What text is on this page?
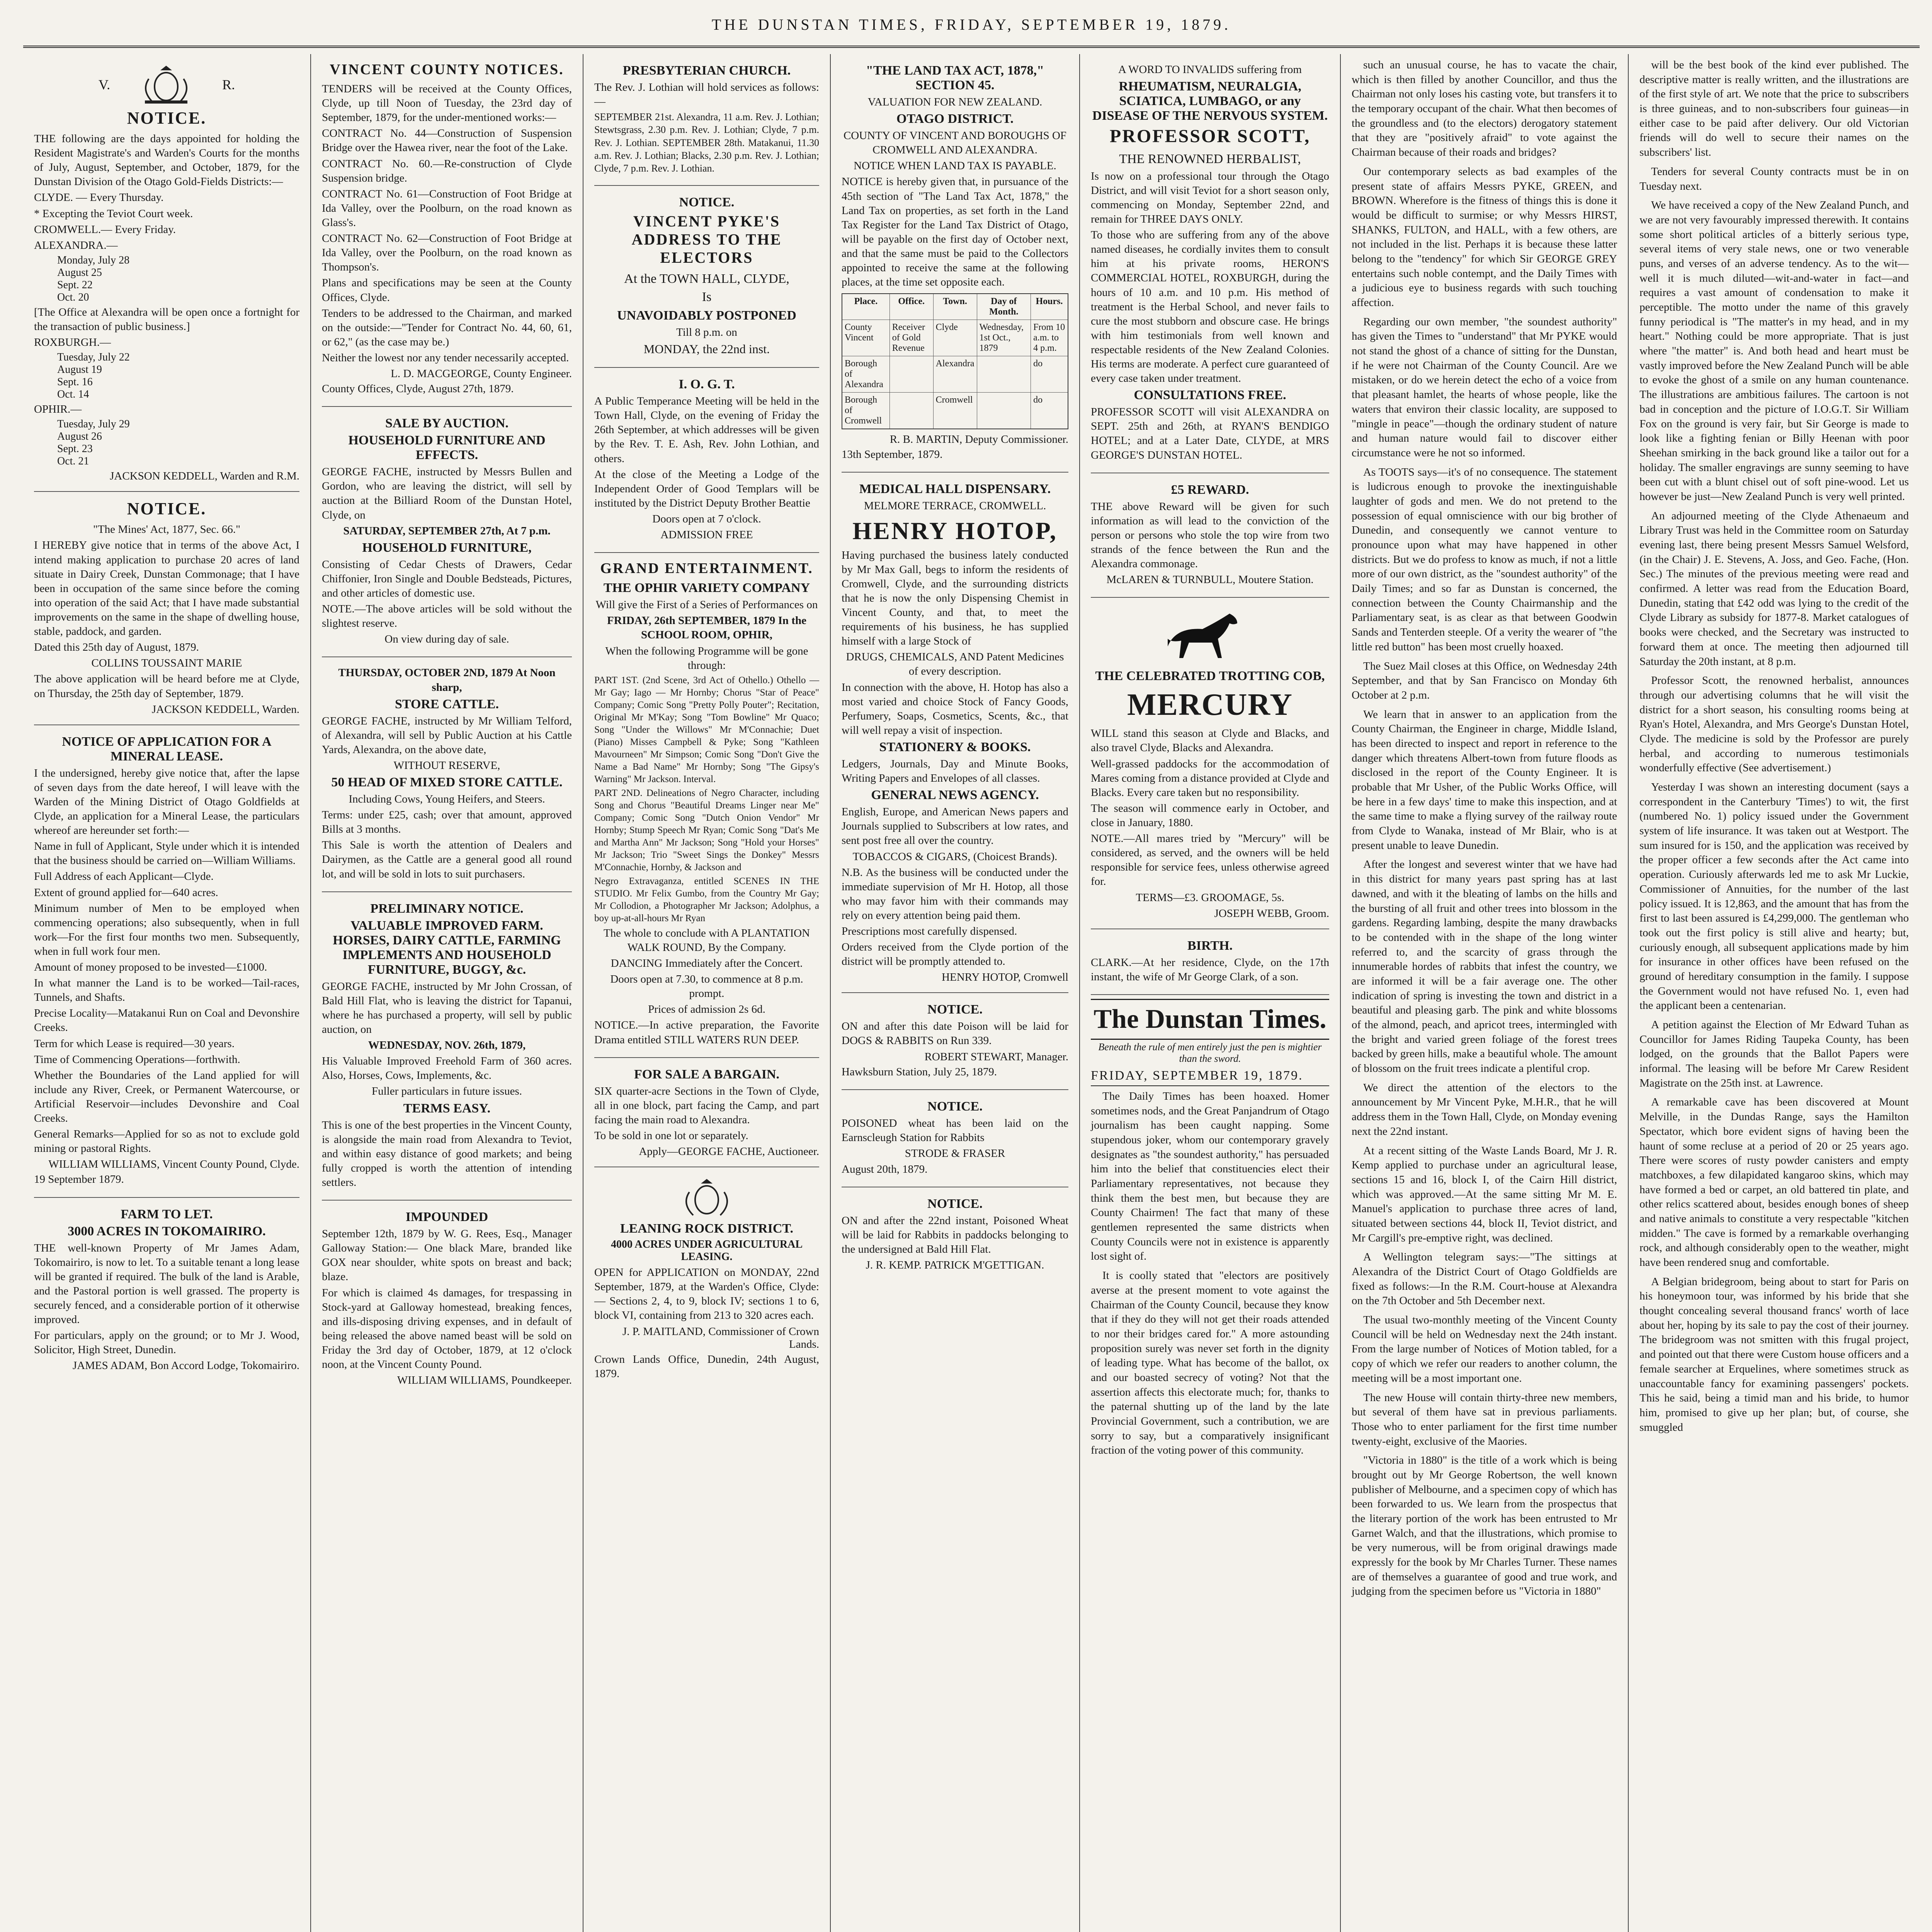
THE DUNSTAN TIMES, FRIDAY, SEPTEMBER 19, 1879.
V.	R.
NOTICE.

THE following are the days appointed for holding the Resident Magistrate's and Warden's Courts for the months of July, August, September, and October, 1879, for the Dunstan Division of the Otago Gold-Fields Districts:—

CLYDE. — Every Thursday.

* Excepting the Teviot Court week.

CROMWELL.— Every Friday.

ALEXANDRA.—

Monday, July 28
August 25
Sept. 22
Oct. 20

[The Office at Alexandra will be open once a fortnight for the transaction of public business.]

ROXBURGH.—

Tuesday, July 22
August 19
Sept. 16
Oct. 14

OPHIR.—

Tuesday, July 29
August 26
Sept. 23
Oct. 21
JACKSON KEDDELL, Warden and R.M.
NOTICE.

"The Mines' Act, 1877, Sec. 66."

I HEREBY give notice that in terms of the above Act, I intend making application to purchase 20 acres of land situate in Dairy Creek, Dunstan Commonage; that I have been in occupation of the same since before the coming into operation of the said Act; that I have made substantial improvements on the same in the shape of dwelling house, stable, paddock, and garden.

Dated this 25th day of August, 1879.

COLLINS TOUSSAINT MARIE

The above application will be heard before me at Clyde, on Thursday, the 25th day of September, 1879.

JACKSON KEDDELL, Warden.
NOTICE OF APPLICATION FOR A MINERAL LEASE.

I the undersigned, hereby give notice that, after the lapse of seven days from the date hereof, I will leave with the Warden of the Mining District of Otago Goldfields at Clyde, an application for a Mineral Lease, the particulars whereof are hereunder set forth:—

Name in full of Applicant, Style under which it is intended that the business should be carried on—William Williams.

Full Address of each Applicant—Clyde.

Extent of ground applied for—640 acres.

Minimum number of Men to be employed when commencing operations; also subsequently, when in full work—For the first four months two men. Subsequently, when in full work four men.

Amount of money proposed to be invested—£1000.

In what manner the Land is to be worked—Tail-races, Tunnels, and Shafts.

Precise Locality—Matakanui Run on Coal and Devonshire Creeks.

Term for which Lease is required—30 years.

Time of Commencing Operations—forthwith.

Whether the Boundaries of the Land applied for will include any River, Creek, or Permanent Watercourse, or Artificial Reservoir—includes Devonshire and Coal Creeks.

General Remarks—Applied for so as not to exclude gold mining or pastoral Rights.

WILLIAM WILLIAMS, Vincent County Pound, Clyde.

19 September 1879.

FARM TO LET.
3000 ACRES IN TOKOMAIRIRO.

THE well-known Property of Mr James Adam, Tokomairiro, is now to let. To a suitable tenant a long lease will be granted if required. The bulk of the land is Arable, and the Pastoral portion is well grassed. The property is securely fenced, and a considerable portion of it otherwise improved.

For particulars, apply on the ground; or to Mr J. Wood, Solicitor, High Street, Dunedin.

JAMES ADAM, Bon Accord Lodge, Tokomairiro.
VINCENT COUNTY NOTICES.

TENDERS will be received at the County Offices, Clyde, up till Noon of Tuesday, the 23rd day of September, 1879, for the under-mentioned works:—

CONTRACT No. 44—Construction of Suspension Bridge over the Hawea river, near the foot of the Lake.

CONTRACT No. 60.—Re-construction of Clyde Suspension bridge.

CONTRACT No. 61—Construction of Foot Bridge at Ida Valley, over the Poolburn, on the road known as Glass's.

CONTRACT No. 62—Construction of Foot Bridge at Ida Valley, over the Poolburn, on the road known as Thompson's.

Plans and specifications may be seen at the County Offices, Clyde.

Tenders to be addressed to the Chairman, and marked on the outside:—"Tender for Contract No. 44, 60, 61, or 62," (as the case may be.)

Neither the lowest nor any tender necessarily accepted.

L. D. MACGEORGE, County Engineer.

County Offices, Clyde, August 27th, 1879.

SALE BY AUCTION.
HOUSEHOLD FURNITURE AND EFFECTS.

GEORGE FACHE, instructed by Messrs Bullen and Gordon, who are leaving the district, will sell by auction at the Billiard Room of the Dunstan Hotel, Clyde, on

SATURDAY, SEPTEMBER 27th, At 7 p.m.

HOUSEHOLD FURNITURE,

Consisting of Cedar Chests of Drawers, Cedar Chiffonier, Iron Single and Double Bedsteads, Pictures, and other articles of domestic use.

NOTE.—The above articles will be sold without the slightest reserve.

On view during day of sale.

THURSDAY, OCTOBER 2ND, 1879 At Noon sharp,

STORE CATTLE.

GEORGE FACHE, instructed by Mr William Telford, of Alexandra, will sell by Public Auction at his Cattle Yards, Alexandra, on the above date,

WITHOUT RESERVE,

50 HEAD OF MIXED STORE CATTLE.

Including Cows, Young Heifers, and Steers.

Terms: under £25, cash; over that amount, approved Bills at 3 months.

This Sale is worth the attention of Dealers and Dairymen, as the Cattle are a general good all round lot, and will be sold in lots to suit purchasers.

PRELIMINARY NOTICE.
VALUABLE IMPROVED FARM. HORSES, DAIRY CATTLE, FARMING IMPLEMENTS AND HOUSEHOLD FURNITURE, BUGGY, &c.

GEORGE FACHE, instructed by Mr John Crossan, of Bald Hill Flat, who is leaving the district for Tapanui, where he has purchased a property, will sell by public auction, on

WEDNESDAY, NOV. 26th, 1879,

His Valuable Improved Freehold Farm of 360 acres. Also, Horses, Cows, Implements, &c.

Fuller particulars in future issues.

TERMS EASY.

This is one of the best properties in the Vincent County, is alongside the main road from Alexandra to Teviot, and within easy distance of good markets; and being fully cropped is worth the attention of intending settlers.

IMPOUNDED

September 12th, 1879 by W. G. Rees, Esq., Manager Galloway Station:— One black Mare, branded like GOX near shoulder, white spots on breast and back; blaze.

For which is claimed 4s damages, for trespassing in Stock-yard at Galloway homestead, breaking fences, and ills-disposing driving expenses, and in default of being released the above named beast will be sold on Friday the 3rd day of October, 1879, at 12 o'clock noon, at the Vincent County Pound.

WILLIAM WILLIAMS, Poundkeeper.
PRESBYTERIAN CHURCH.

The Rev. J. Lothian will hold services as follows:—

SEPTEMBER 21st. Alexandra, 11 a.m. Rev. J. Lothian; Stewtsgrass, 2.30 p.m. Rev. J. Lothian; Clyde, 7 p.m. Rev. J. Lothian. SEPTEMBER 28th. Matakanui, 11.30 a.m. Rev. J. Lothian; Blacks, 2.30 p.m. Rev. J. Lothian; Clyde, 7 p.m. Rev. J. Lothian.

NOTICE.
VINCENT PYKE'S ADDRESS TO THE ELECTORS

At the TOWN HALL, CLYDE,

Is

UNAVOIDABLY POSTPONED

Till 8 p.m. on

MONDAY, the 22nd inst.

I. O. G. T.

A Public Temperance Meeting will be held in the Town Hall, Clyde, on the evening of Friday the 26th September, at which addresses will be given by the Rev. T. E. Ash, Rev. John Lothian, and others.

At the close of the Meeting a Lodge of the Independent Order of Good Templars will be instituted by the District Deputy Brother Beattie

Doors open at 7 o'clock.

ADMISSION FREE

GRAND ENTERTAINMENT.
THE OPHIR VARIETY COMPANY

Will give the First of a Series of Performances on

FRIDAY, 26th SEPTEMBER, 1879 In the SCHOOL ROOM, OPHIR,

When the following Programme will be gone through:

PART 1ST. (2nd Scene, 3rd Act of Othello.) Othello — Mr Gay; Iago — Mr Hornby; Chorus "Star of Peace" Company; Comic Song "Pretty Polly Pouter"; Recitation, Original Mr M'Kay; Song "Tom Bowline" Mr Quaco; Song "Under the Willows" Mr M'Connachie; Duet (Piano) Misses Campbell & Pyke; Song "Kathleen Mavourneen" Mr Simpson; Comic Song "Don't Give the Name a Bad Name" Mr Hornby; Song "The Gipsy's Warning" Mr Jackson. Interval.

PART 2ND. Delineations of Negro Character, including Song and Chorus "Beautiful Dreams Linger near Me" Company; Comic Song "Dutch Onion Vendor" Mr Hornby; Stump Speech Mr Ryan; Comic Song "Dat's Me and Martha Ann" Mr Jackson; Song "Hold your Horses" Mr Jackson; Trio "Sweet Sings the Donkey" Messrs M'Connachie, Hornby, & Jackson and

Negro Extravaganza, entitled SCENES IN THE STUDIO. Mr Felix Gumbo, from the Country Mr Gay; Mr Collodion, a Photographer Mr Jackson; Adolphus, a boy up-at-all-hours Mr Ryan

The whole to conclude with A PLANTATION WALK ROUND, By the Company.

DANCING Immediately after the Concert.

Doors open at 7.30, to commence at 8 p.m. prompt.

Prices of admission 2s 6d.

NOTICE.—In active preparation, the Favorite Drama entitled STILL WATERS RUN DEEP.

FOR SALE A BARGAIN.

SIX quarter-acre Sections in the Town of Clyde, all in one block, part facing the Camp, and part facing the main road to Alexandra.

To be sold in one lot or separately.

Apply—GEORGE FACHE, Auctioneer.
LEANING ROCK DISTRICT.
4000 ACRES UNDER AGRICULTURAL LEASING.

OPEN for APPLICATION on MONDAY, 22nd September, 1879, at the Warden's Office, Clyde:— Sections 2, 4, to 9, block IV; sections 1 to 6, block VI, containing from 213 to 320 acres each.

J. P. MAITLAND, Commissioner of Crown Lands.

Crown Lands Office, Dunedin, 24th August, 1879.

"THE LAND TAX ACT, 1878," SECTION 45.

VALUATION FOR NEW ZEALAND.

OTAGO DISTRICT.

COUNTY OF VINCENT AND BOROUGHS OF CROMWELL AND ALEXANDRA.

NOTICE WHEN LAND TAX IS PAYABLE.

NOTICE is hereby given that, in pursuance of the 45th section of "The Land Tax Act, 1878," the Land Tax on properties, as set forth in the Land Tax Register for the Land Tax District of Otago, will be payable on the first day of October next, and that the same must be paid to the Collectors appointed to receive the same at the following places, at the time set opposite each.

Place.	Office.	Town.	Day of Month.	Hours.
County Vincent	Receiver of Gold Revenue	Clyde	Wednesday, 1st Oct., 1879	From 10 a.m. to 4 p.m.
Borough of Alexandra		Alexandra		do
Borough of Cromwell		Cromwell		do
R. B. MARTIN, Deputy Commissioner.

13th September, 1879.

MEDICAL HALL DISPENSARY.

MELMORE TERRACE, CROMWELL.

HENRY HOTOP,

Having purchased the business lately conducted by Mr Max Gall, begs to inform the residents of Cromwell, Clyde, and the surrounding districts that he is now the only Dispensing Chemist in Vincent County, and that, to meet the requirements of his business, he has supplied himself with a large Stock of

DRUGS, CHEMICALS, AND Patent Medicines of every description.

In connection with the above, H. Hotop has also a most varied and choice Stock of Fancy Goods, Perfumery, Soaps, Cosmetics, Scents, &c., that will well repay a visit of inspection.

STATIONERY & BOOKS.

Ledgers, Journals, Day and Minute Books, Writing Papers and Envelopes of all classes.

GENERAL NEWS AGENCY.

English, Europe, and American News papers and Journals supplied to Subscribers at low rates, and sent post free all over the country.

TOBACCOS & CIGARS, (Choicest Brands).

N.B. As the business will be conducted under the immediate supervision of Mr H. Hotop, all those who may favor him with their commands may rely on every attention being paid them.

Prescriptions most carefully dispensed.

Orders received from the Clyde portion of the district will be promptly attended to.

HENRY HOTOP, Cromwell
NOTICE.

ON and after this date Poison will be laid for DOGS & RABBITS on Run 339.

ROBERT STEWART, Manager.

Hawksburn Station, July 25, 1879.

NOTICE.

POISONED wheat has been laid on the Earnscleugh Station for Rabbits

STRODE & FRASER

August 20th, 1879.

NOTICE.

ON and after the 22nd instant, Poisoned Wheat will be laid for Rabbits in paddocks belonging to the undersigned at Bald Hill Flat.

J. R. KEMP. PATRICK M'GETTIGAN.

A WORD TO INVALIDS suffering from

RHEUMATISM, NEURALGIA, SCIATICA, LUMBAGO, or any DISEASE OF THE NERVOUS SYSTEM.
PROFESSOR SCOTT,

THE RENOWNED HERBALIST,

Is now on a professional tour through the Otago District, and will visit Teviot for a short season only, commencing on Monday, September 22nd, and remain for THREE DAYS ONLY.

To those who are suffering from any of the above named diseases, he cordially invites them to consult him at his private rooms, HERON'S COMMERCIAL HOTEL, ROXBURGH, during the hours of 10 a.m. and 10 p.m. His method of treatment is the Herbal School, and never fails to cure the most stubborn and obscure case. He brings with him testimonials from well known and respectable residents of the New Zealand Colonies. His terms are moderate. A perfect cure guaranteed of every case taken under treatment.

CONSULTATIONS FREE.

PROFESSOR SCOTT will visit ALEXANDRA on SEPT. 25th and 26th, at RYAN'S BENDIGO HOTEL; and at a Later Date, CLYDE, at MRS GEORGE'S DUNSTAN HOTEL.

£5 REWARD.

THE above Reward will be given for such information as will lead to the conviction of the person or persons who stole the top wire from two strands of the fence between the Run and the Alexandra commonage.

McLAREN & TURNBULL, Moutere Station.

THE CELEBRATED TROTTING COB,
MERCURY

WILL stand this season at Clyde and Blacks, and also travel Clyde, Blacks and Alexandra.

Well-grassed paddocks for the accommodation of Mares coming from a distance provided at Clyde and Blacks. Every care taken but no responsibility.

The season will commence early in October, and close in January, 1880.

NOTE.—All mares tried by "Mercury" will be considered, as served, and the owners will be held responsible for service fees, unless otherwise agreed for.

TERMS—£3. GROOMAGE, 5s.

JOSEPH WEBB, Groom.
BIRTH.

CLARK.—At her residence, Clyde, on the 17th instant, the wife of Mr George Clark, of a son.

The Dunstan Times.
Beneath the rule of men entirely just the pen is mightier than the sword.
FRIDAY, SEPTEMBER 19, 1879.

The Daily Times has been hoaxed. Homer sometimes nods, and the Great Panjandrum of Otago journalism has been caught napping. Some stupendous joker, whom our contemporary gravely designates as "the soundest authority," has persuaded him into the belief that constituencies elect their Parliamentary representatives, not because they think them the best men, but because they are County Chairmen! The fact that many of these gentlemen represented the same districts when County Councils were not in existence is apparently lost sight of.

It is coolly stated that "electors are positively averse at the present moment to vote against the Chairman of the County Council, because they know that if they do they will not get their roads attended to nor their bridges cared for." A more astounding proposition surely was never set forth in the dignity of leading type. What has become of the ballot, ox and our boasted secrecy of voting? Not that the assertion affects this electorate much; for, thanks to the paternal shutting up of the land by the late Provincial Government, such a contribution, we are sorry to say, but a comparatively insignificant fraction of the voting power of this community.

such an unusual course, he has to vacate the chair, which is then filled by another Councillor, and thus the Chairman not only loses his casting vote, but transfers it to the temporary occupant of the chair. What then becomes of the groundless and (to the electors) derogatory statement that they are "positively afraid" to vote against the Chairman because of their roads and bridges?

Our contemporary selects as bad examples of the present state of affairs Messrs PYKE, GREEN, and BROWN. Wherefore is the fitness of things this is done it would be difficult to surmise; or why Messrs HIRST, SHANKS, FULTON, and HALL, with a few others, are not included in the list. Perhaps it is because these latter belong to the "tendency" for which Sir GEORGE GREY entertains such noble contempt, and the Daily Times with a judicious eye to business regards with such touching affection.

Regarding our own member, "the soundest authority" has given the Times to "understand" that Mr PYKE would not stand the ghost of a chance of sitting for the Dunstan, if he were not Chairman of the County Council. Are we mistaken, or do we herein detect the echo of a voice from that pleasant hamlet, the hearts of whose people, like the waters that environ their classic locality, are supposed to "mingle in peace"—though the ordinary student of nature and human nature would fail to discover either circumstance were he not so informed.

As TOOTS says—it's of no consequence. The statement is ludicrous enough to provoke the inextinguishable laughter of gods and men. We do not pretend to the possession of equal omniscience with our big brother of Dunedin, and consequently we cannot venture to pronounce upon what may have happened in other districts. But we do profess to know as much, if not a little more of our own district, as the "soundest authority" of the Daily Times; and so far as Dunstan is concerned, the connection between the County Chairmanship and the Parliamentary seat, is as clear as that between Goodwin Sands and Tenterden steeple. Of a verity the wearer of "the little red button" has been most cruelly hoaxed.

The Suez Mail closes at this Office, on Wednesday 24th September, and that by San Francisco on Monday 6th October at 2 p.m.

We learn that in answer to an application from the County Chairman, the Engineer in charge, Middle Island, has been directed to inspect and report in reference to the danger which threatens Albert-town from future floods as disclosed in the report of the County Engineer. It is probable that Mr Usher, of the Public Works Office, will be here in a few days' time to make this inspection, and at the same time to make a flying survey of the railway route from Clyde to Wanaka, instead of Mr Blair, who is at present unable to leave Dunedin.

After the longest and severest winter that we have had in this district for many years past spring has at last dawned, and with it the bleating of lambs on the hills and the bursting of all fruit and other trees into blossom in the gardens. Regarding lambing, despite the many drawbacks to be contended with in the shape of the long winter referred to, and the scarcity of grass through the innumerable hordes of rabbits that infest the country, we are informed it will be a fair average one. The other indication of spring is investing the town and district in a beautiful and pleasing garb. The pink and white blossoms of the almond, peach, and apricot trees, intermingled with the bright and varied green foliage of the forest trees backed by green hills, make a beautiful whole. The amount of blossom on the fruit trees indicate a plentiful crop.

We direct the attention of the electors to the announcement by Mr Vincent Pyke, M.H.R., that he will address them in the Town Hall, Clyde, on Monday evening next the 22nd instant.

At a recent sitting of the Waste Lands Board, Mr J. R. Kemp applied to purchase under an agricultural lease, sections 15 and 16, block I, of the Cairn Hill district, which was approved.—At the same sitting Mr M. E. Manuel's application to purchase three acres of land, situated between sections 44, block II, Teviot district, and Mr Cargill's pre-emptive right, was declined.

A Wellington telegram says:—"The sittings at Alexandra of the District Court of Otago Goldfields are fixed as follows:—In the R.M. Court-house at Alexandra on the 7th October and 5th December next.

The usual two-monthly meeting of the Vincent County Council will be held on Wednesday next the 24th instant. From the large number of Notices of Motion tabled, for a copy of which we refer our readers to another column, the meeting will be a most important one.

The new House will contain thirty-three new members, but several of them have sat in previous parliaments. Those who to enter parliament for the first time number twenty-eight, exclusive of the Maories.

"Victoria in 1880" is the title of a work which is being brought out by Mr George Robertson, the well known publisher of Melbourne, and a specimen copy of which has been forwarded to us. We learn from the prospectus that the literary portion of the work has been entrusted to Mr Garnet Walch, and that the illustrations, which promise to be very numerous, will be from original drawings made expressly for the book by Mr Charles Turner. These names are of themselves a guarantee of good and true work, and judging from the specimen before us "Victoria in 1880"

will be the best book of the kind ever published. The descriptive matter is really written, and the illustrations are of the first style of art. We note that the price to subscribers is three guineas, and to non-subscribers four guineas—in either case to be paid after delivery. Our old Victorian friends will do well to secure their names on the subscribers' list.

Tenders for several County contracts must be in on Tuesday next.

We have received a copy of the New Zealand Punch, and we are not very favourably impressed therewith. It contains some short political articles of a bitterly serious type, several items of very stale news, one or two venerable puns, and verses of an adverse tendency. As to the wit—well it is much diluted—wit-and-water in fact—and requires a vast amount of condensation to make it perceptible. The motto under the name of this gravely funny periodical is "The matter's in my head, and in my heart." Nothing could be more appropriate. That is just where "the matter" is. And both head and heart must be vastly improved before the New Zealand Punch will be able to evoke the ghost of a smile on any human countenance. The illustrations are ambitious failures. The cartoon is not bad in conception and the picture of I.O.G.T. Sir William Fox on the ground is very fair, but Sir George is made to look like a fighting fenian or Billy Heenan with poor Sheehan smirking in the back ground like a tailor out for a holiday. The smaller engravings are sunny seeming to have been cut with a blunt chisel out of soft pine-wood. Let us however be just—New Zealand Punch is very well printed.

An adjourned meeting of the Clyde Athenaeum and Library Trust was held in the Committee room on Saturday evening last, there being present Messrs Samuel Welsford, (in the Chair) J. E. Stevens, A. Joss, and Geo. Fache, (Hon. Sec.) The minutes of the previous meeting were read and confirmed. A letter was read from the Education Board, Dunedin, stating that £42 odd was lying to the credit of the Clyde Library as subsidy for 1877-8. Market catalogues of books were checked, and the Secretary was instructed to forward them at once. The meeting then adjourned till Saturday the 20th instant, at 8 p.m.

Professor Scott, the renowned herbalist, announces through our advertising columns that he will visit the district for a short season, his consulting rooms being at Ryan's Hotel, Alexandra, and Mrs George's Dunstan Hotel, Clyde. The medicine is sold by the Professor are purely herbal, and according to numerous testimonials wonderfully effective (See advertisement.)

Yesterday I was shown an interesting document (says a correspondent in the Canterbury 'Times') to wit, the first (numbered No. 1) policy issued under the Government system of life insurance. It was taken out at Westport. The sum insured for is 150, and the application was received by the proper officer a few seconds after the Act came into operation. Curiously afterwards led me to ask Mr Luckie, Commissioner of Annuities, for the number of the last policy issued. It is 12,863, and the amount that has from the first to last been assured is £4,299,000. The gentleman who took out the first policy is still alive and hearty; but, curiously enough, all subsequent applications made by him for insurance in other offices have been refused on the ground of hereditary consumption in the family. I suppose the Government would not have refused No. 1, even had the applicant been a centenarian.

A petition against the Election of Mr Edward Tuhan as Councillor for James Riding Taupeka County, has been lodged, on the grounds that the Ballot Papers were informal. The leasing will be before Mr Carew Resident Magistrate on the 25th inst. at Lawrence.

A remarkable cave has been discovered at Mount Melville, in the Dundas Range, says the Hamilton Spectator, which bore evident signs of having been the haunt of some recluse at a period of 20 or 25 years ago. There were scores of rusty powder canisters and empty matchboxes, a few dilapidated kangaroo skins, which may have formed a bed or carpet, an old battered tin plate, and other relics scattered about, besides enough bones of sheep and native animals to constitute a very respectable "kitchen midden." The cave is formed by a remarkable overhanging rock, and although considerably open to the weather, might have been rendered snug and comfortable.

A Belgian bridegroom, being about to start for Paris on his honeymoon tour, was informed by his bride that she thought concealing several thousand francs' worth of lace about her, hoping by its sale to pay the cost of their journey. The bridegroom was not smitten with this frugal project, and pointed out that there were Custom house officers and a female searcher at Erquelines, where sometimes struck as unaccountable fancy for examining passengers' pockets. This he said, being a timid man and his bride, to humor him, promised to give up her plan; but, of course, she smuggled
